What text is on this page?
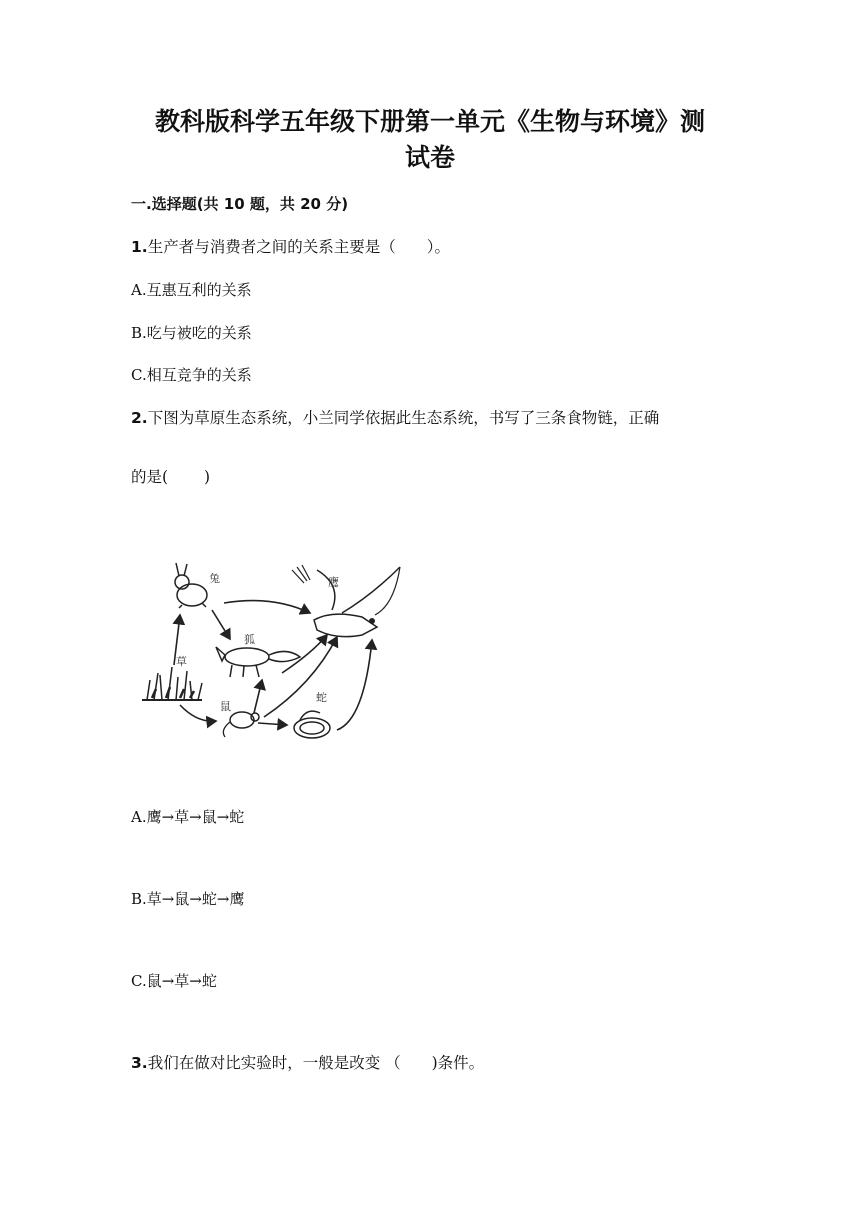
教科版科学五年级下册第一单元《生物与环境》测
试卷
一.选择题(共 10 题，共 20 分)
1.生产者与消费者之间的关系主要是（　　）。
A.互惠互利的关系
B.吃与被吃的关系
C.相互竞争的关系
2.下图为草原生态系统，小兰同学依据此生态系统，书写了三条食物链，正确
的是(　　 )
兔	鹰
狐
草
鼠
蛇
A.鹰→草→鼠→蛇
B.草→鼠→蛇→鹰
C.鼠→草→蛇
3.我们在做对比实验时，一般是改变 （　　)条件。
